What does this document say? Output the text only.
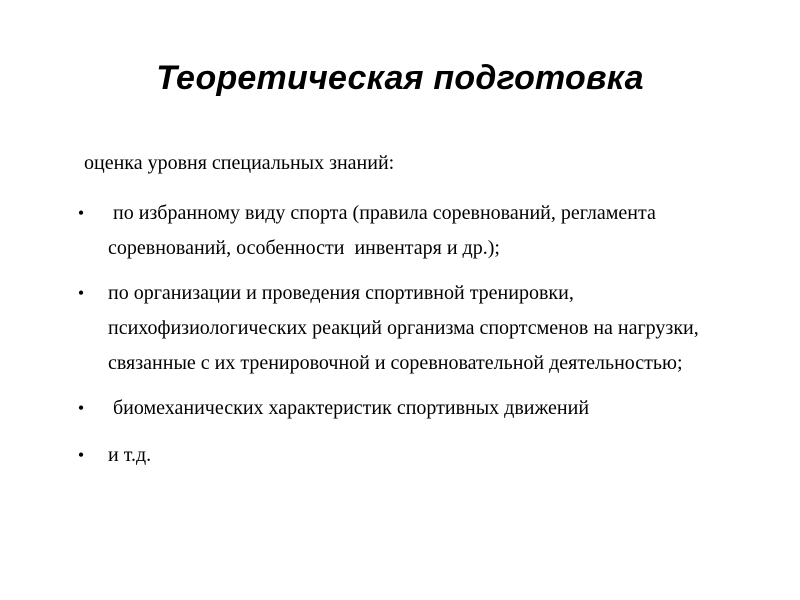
Теоретическая подготовка
оценка уровня специальных знаний:
• по избранному виду спорта (правила соревнований, регламента соревнований, особенности  инвентаря и др.);
• по организации и проведения спортивной тренировки, психофизиологических реакций организма спортсменов на нагрузки, связанные с их тренировочной и соревновательной деятельностью;
• биомеханических характеристик спортивных движений
• и т.д.
